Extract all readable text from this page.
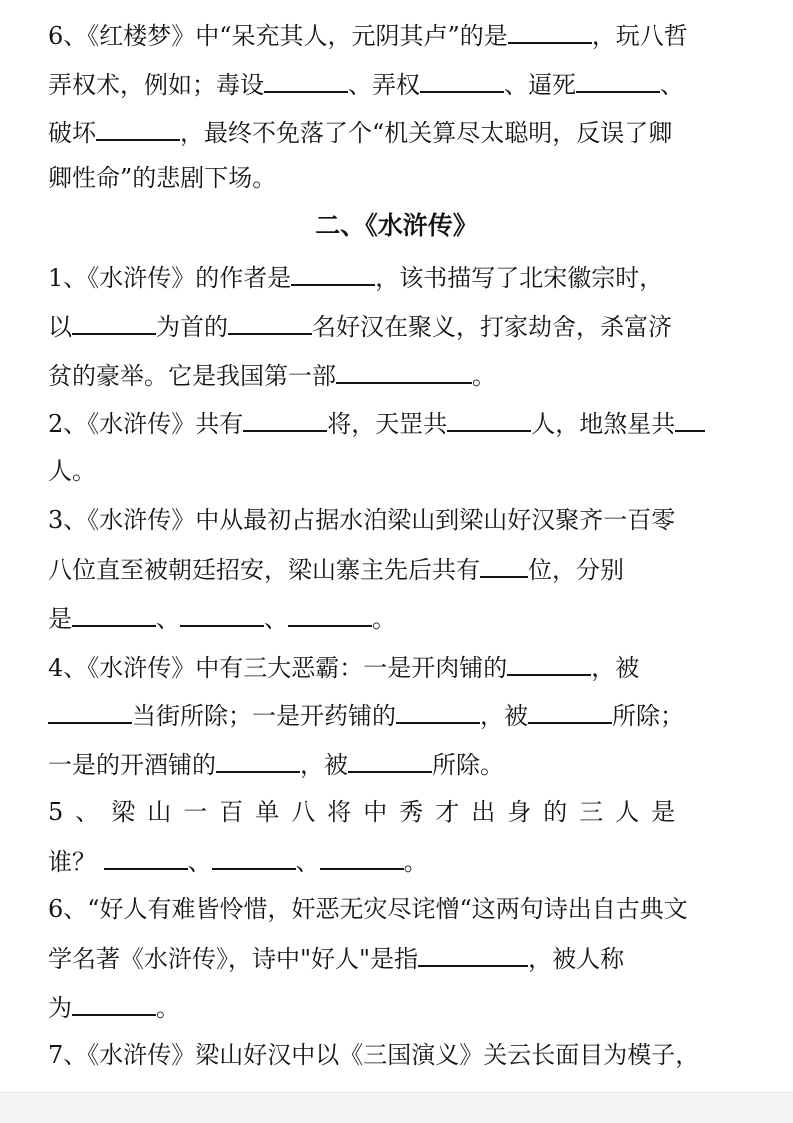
6、《红楼梦》中“呆充其人，元阴其卢”的是	，玩八哲
弄权术，例如；毒设	、弄权	、逼死	、
破坏	，最终不免落了个“机关算尽太聪明，反误了卿
卿性命”的悲剧下场。
二、《水浒传》
1、《水浒传》的作者是	，该书描写了北宋徽宗时，
以	为首的	名好汉在聚义，打家劫舍，杀富济
贫的豪举。它是我国第一部	。
2、《水浒传》共有	将，天罡共	人，地煞星共
人。
3、《水浒传》中从最初占据水泊梁山到梁山好汉聚齐一百零
八位直至被朝廷招安，梁山寨主先后共有 位，分别
是	、	、	。
4、《水浒传》中有三大恶霸：一是开肉铺的	，被
当街所除；一是开药铺的	，被	所除；
一是的开酒铺的	，被	所除。
5、梁山一百单八将中秀才出身的三人是
谁？	、	、	。
6、“好人有难皆怜惜，奸恶无灾尽诧憎“这两句诗出自古典文
学名著《水浒传》，诗中"好人"是指	，被人称
为	。
7、《水浒传》梁山好汉中以《三国演义》关云长面目为模子，
